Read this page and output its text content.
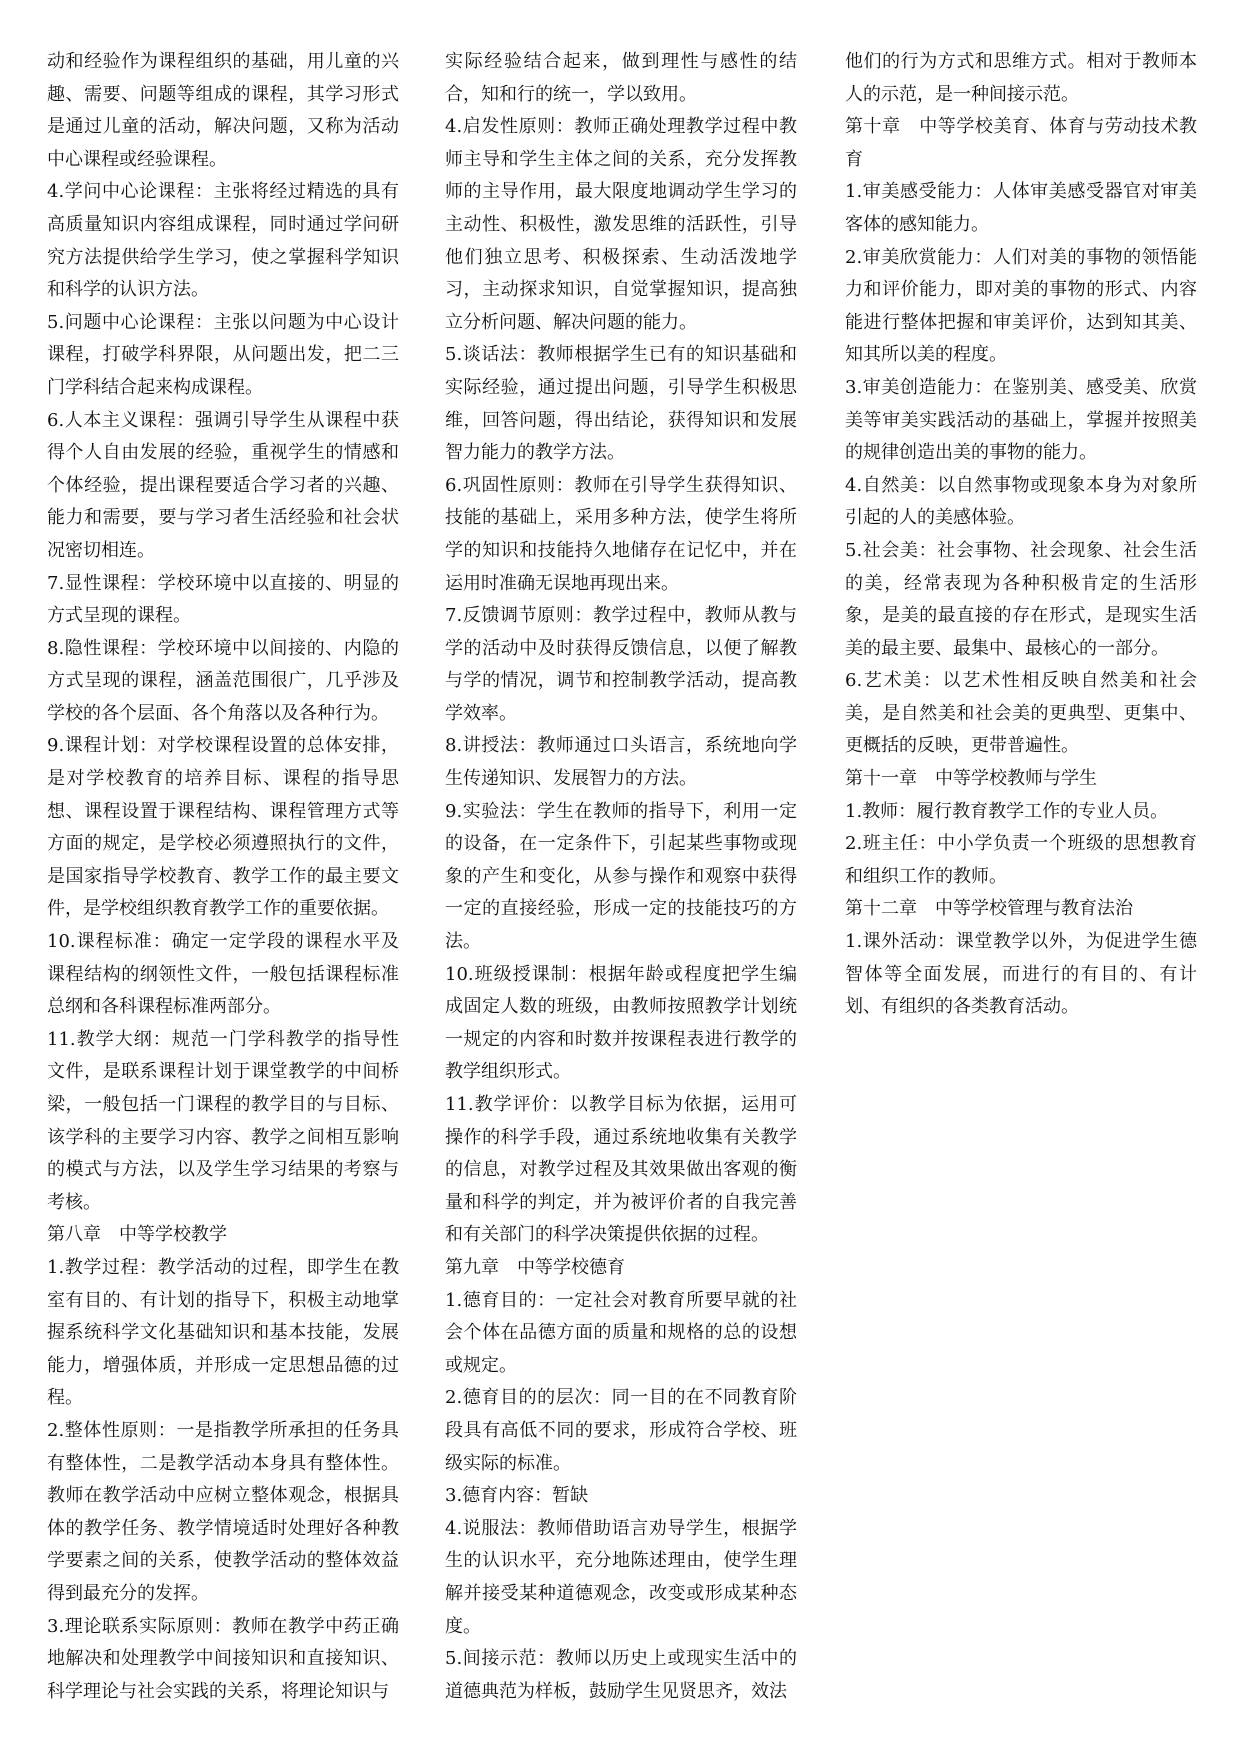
动和经验作为课程组织的基础，用儿童的兴趣、需要、问题等组成的课程，其学习形式是通过儿童的活动，解决问题，又称为活动中心课程或经验课程。

4.学问中心论课程：主张将经过精选的具有高质量知识内容组成课程，同时通过学问研究方法提供给学生学习，使之掌握科学知识和科学的认识方法。

5.问题中心论课程：主张以问题为中心设计课程，打破学科界限，从问题出发，把二三门学科结合起来构成课程。

6.人本主义课程：强调引导学生从课程中获得个人自由发展的经验，重视学生的情感和个体经验，提出课程要适合学习者的兴趣、能力和需要，要与学习者生活经验和社会状况密切相连。

7.显性课程：学校环境中以直接的、明显的方式呈现的课程。

8.隐性课程：学校环境中以间接的、内隐的方式呈现的课程，涵盖范围很广，几乎涉及学校的各个层面、各个角落以及各种行为。

9.课程计划：对学校课程设置的总体安排，是对学校教育的培养目标、课程的指导思想、课程设置于课程结构、课程管理方式等方面的规定，是学校必须遵照执行的文件，是国家指导学校教育、教学工作的最主要文件，是学校组织教育教学工作的重要依据。

10.课程标准：确定一定学段的课程水平及课程结构的纲领性文件，一般包括课程标准总纲和各科课程标准两部分。

11.教学大纲：规范一门学科教学的指导性文件，是联系课程计划于课堂教学的中间桥梁，一般包括一门课程的教学目的与目标、该学科的主要学习内容、教学之间相互影响的模式与方法，以及学生学习结果的考察与考核。

第八章　中等学校教学

1.教学过程：教学活动的过程，即学生在教室有目的、有计划的指导下，积极主动地掌握系统科学文化基础知识和基本技能，发展能力，增强体质，并形成一定思想品德的过程。

2.整体性原则：一是指教学所承担的任务具有整体性，二是教学活动本身具有整体性。教师在教学活动中应树立整体观念，根据具体的教学任务、教学情境适时处理好各种教学要素之间的关系，使教学活动的整体效益得到最充分的发挥。

3.理论联系实际原则：教师在教学中药正确地解决和处理教学中间接知识和直接知识、科学理论与社会实践的关系，将理论知识与

实际经验结合起来，做到理性与感性的结合，知和行的统一，学以致用。

4.启发性原则：教师正确处理教学过程中教师主导和学生主体之间的关系，充分发挥教师的主导作用，最大限度地调动学生学习的主动性、积极性，激发思维的活跃性，引导他们独立思考、积极探索、生动活泼地学习，主动探求知识，自觉掌握知识，提高独立分析问题、解决问题的能力。

5.谈话法：教师根据学生已有的知识基础和实际经验，通过提出问题，引导学生积极思维，回答问题，得出结论，获得知识和发展智力能力的教学方法。

6.巩固性原则：教师在引导学生获得知识、技能的基础上，采用多种方法，使学生将所学的知识和技能持久地储存在记忆中，并在运用时准确无误地再现出来。

7.反馈调节原则：教学过程中，教师从教与学的活动中及时获得反馈信息，以便了解教与学的情况，调节和控制教学活动，提高教学效率。

8.讲授法：教师通过口头语言，系统地向学生传递知识、发展智力的方法。

9.实验法：学生在教师的指导下，利用一定的设备，在一定条件下，引起某些事物或现象的产生和变化，从参与操作和观察中获得一定的直接经验，形成一定的技能技巧的方法。

10.班级授课制：根据年龄或程度把学生编成固定人数的班级，由教师按照教学计划统一规定的内容和时数并按课程表进行教学的教学组织形式。

11.教学评价：以教学目标为依据，运用可操作的科学手段，通过系统地收集有关教学的信息，对教学过程及其效果做出客观的衡量和科学的判定，并为被评价者的自我完善和有关部门的科学决策提供依据的过程。

第九章　中等学校德育

1.德育目的：一定社会对教育所要早就的社会个体在品德方面的质量和规格的总的设想或规定。

2.德育目的的层次：同一目的在不同教育阶段具有高低不同的要求，形成符合学校、班级实际的标准。

3.德育内容：暂缺

4.说服法：教师借助语言劝导学生，根据学生的认识水平，充分地陈述理由，使学生理解并接受某种道德观念，改变或形成某种态度。

5.间接示范：教师以历史上或现实生活中的道德典范为样板，鼓励学生见贤思齐，效法

他们的行为方式和思维方式。相对于教师本人的示范，是一种间接示范。

第十章　中等学校美育、体育与劳动技术教育

1.审美感受能力：人体审美感受器官对审美客体的感知能力。

2.审美欣赏能力：人们对美的事物的领悟能力和评价能力，即对美的事物的形式、内容能进行整体把握和审美评价，达到知其美、知其所以美的程度。

3.审美创造能力：在鉴别美、感受美、欣赏美等审美实践活动的基础上，掌握并按照美的规律创造出美的事物的能力。

4.自然美：以自然事物或现象本身为对象所引起的人的美感体验。

5.社会美：社会事物、社会现象、社会生活的美，经常表现为各种积极肯定的生活形象，是美的最直接的存在形式，是现实生活美的最主要、最集中、最核心的一部分。

6.艺术美：以艺术性相反映自然美和社会美，是自然美和社会美的更典型、更集中、更概括的反映，更带普遍性。

第十一章　中等学校教师与学生

1.教师：履行教育教学工作的专业人员。

2.班主任：中小学负责一个班级的思想教育和组织工作的教师。

第十二章　中等学校管理与教育法治

1.课外活动：课堂教学以外，为促进学生德智体等全面发展，而进行的有目的、有计划、有组织的各类教育活动。
